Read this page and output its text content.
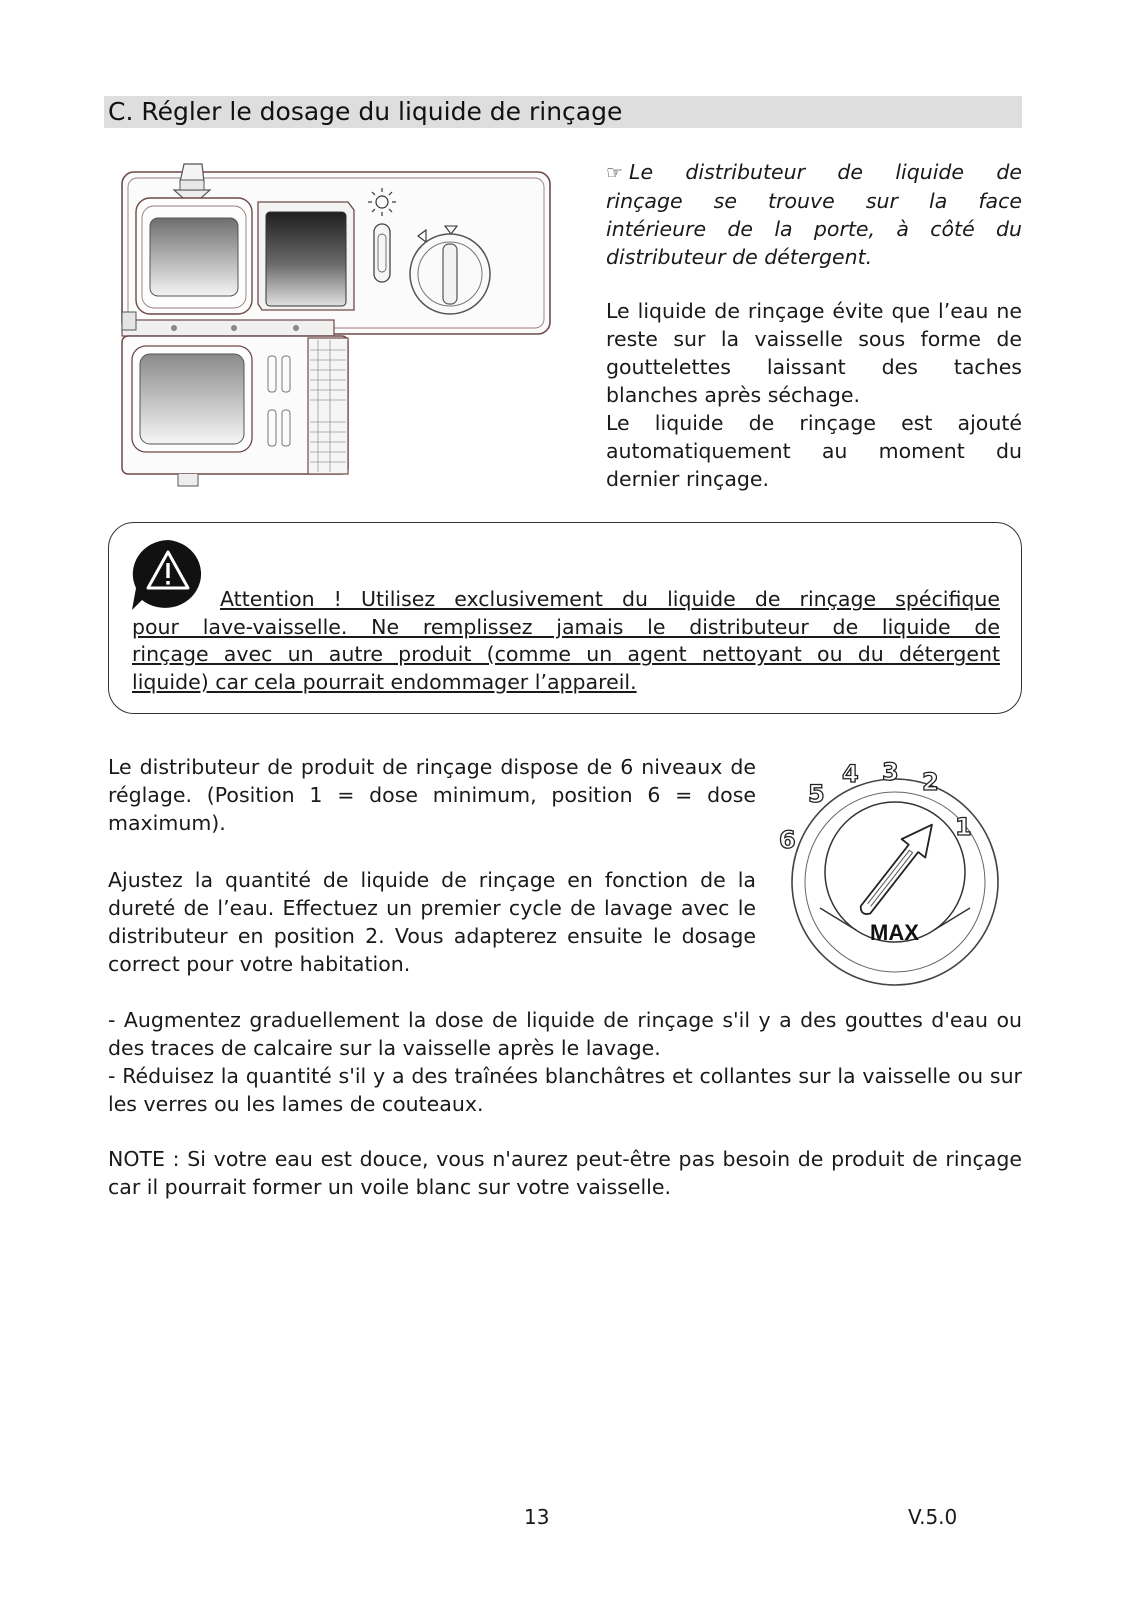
C. Régler le dosage du liquide de rinçage
☞ Le distributeur de liquide de
rinçage se trouve sur la face
intérieure de la porte, à côté du
distributeur de détergent.
Le liquide de rinçage évite que l’eau ne
reste sur la vaisselle sous forme de
gouttelettes laissant des taches
blanches après séchage.
Le liquide de rinçage est ajouté
automatiquement au moment du
dernier rinçage.
Attention ! Utilisez exclusivement du liquide de rinçage spécifique
pour lave-vaisselle. Ne remplissez jamais le distributeur de liquide de
rinçage avec un autre produit (comme un agent nettoyant ou du détergent
liquide) car cela pourrait endommager l’appareil.
Le distributeur de produit de rinçage dispose de 6 niveaux de réglage. (Position 1 = dose minimum, position 6 = dose maximum).
Ajustez la quantité de liquide de rinçage en fonction de la dureté de l’eau. Effectuez un premier cycle de lavage avec le distributeur en position 2. Vous adapterez ensuite le dosage correct pour votre habitation.
1
2
3
4
5
6
MAX
- Augmentez graduellement la dose de liquide de rinçage s'il y a des gouttes d'eau ou des traces de calcaire sur la vaisselle après le lavage.
- Réduisez la quantité s'il y a des traînées blanchâtres et collantes sur la vaisselle ou sur les verres ou les lames de couteaux.
NOTE : Si votre eau est douce, vous n'aurez peut-être pas besoin de produit de rinçage car il pourrait former un voile blanc sur votre vaisselle.
13	V.5.0
